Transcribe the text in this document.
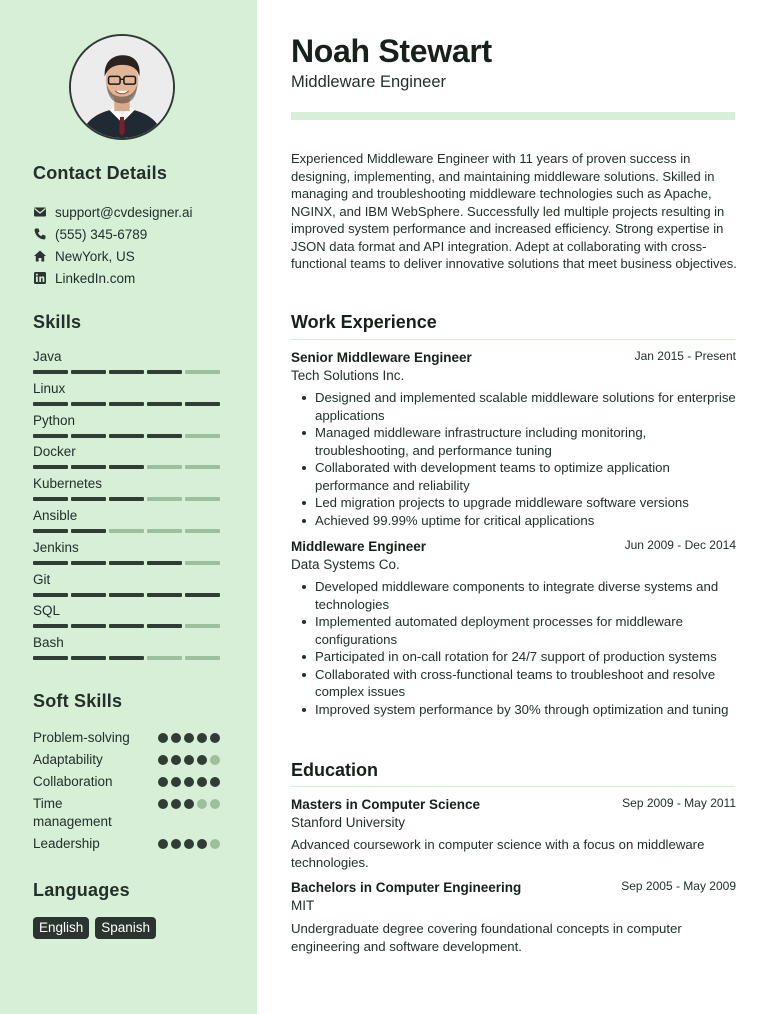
Contact Details
support@cvdesigner.ai
(555) 345-6789
NewYork, US
LinkedIn.com
Skills
Java
Linux
Python
Docker
Kubernetes
Ansible
Jenkins
Git
SQL
Bash
Soft Skills
Problem-solving
Adaptability
Collaboration
Time management
Leadership
Languages
English	Spanish
Noah Stewart
Middleware Engineer
Experienced Middleware Engineer with 11 years of proven success in designing, implementing, and maintaining middleware solutions. Skilled in managing and troubleshooting middleware technologies such as Apache, NGINX, and IBM WebSphere. Successfully led multiple projects resulting in improved system performance and increased efficiency. Strong expertise in JSON data format and API integration. Adept at collaborating with cross-functional teams to deliver innovative solutions that meet business objectives.
Work Experience
Senior Middleware Engineer	Jan 2015 - Present
Tech Solutions Inc.
Designed and implemented scalable middleware solutions for enterprise applications
Managed middleware infrastructure including monitoring, troubleshooting, and performance tuning
Collaborated with development teams to optimize application performance and reliability
Led migration projects to upgrade middleware software versions
Achieved 99.99% uptime for critical applications
Middleware Engineer	Jun 2009 - Dec 2014
Data Systems Co.
Developed middleware components to integrate diverse systems and technologies
Implemented automated deployment processes for middleware configurations
Participated in on-call rotation for 24/7 support of production systems
Collaborated with cross-functional teams to troubleshoot and resolve complex issues
Improved system performance by 30% through optimization and tuning
Education
Masters in Computer Science	Sep 2009 - May 2011
Stanford University
Advanced coursework in computer science with a focus on middleware technologies.
Bachelors in Computer Engineering	Sep 2005 - May 2009
MIT
Undergraduate degree covering foundational concepts in computer engineering and software development.
